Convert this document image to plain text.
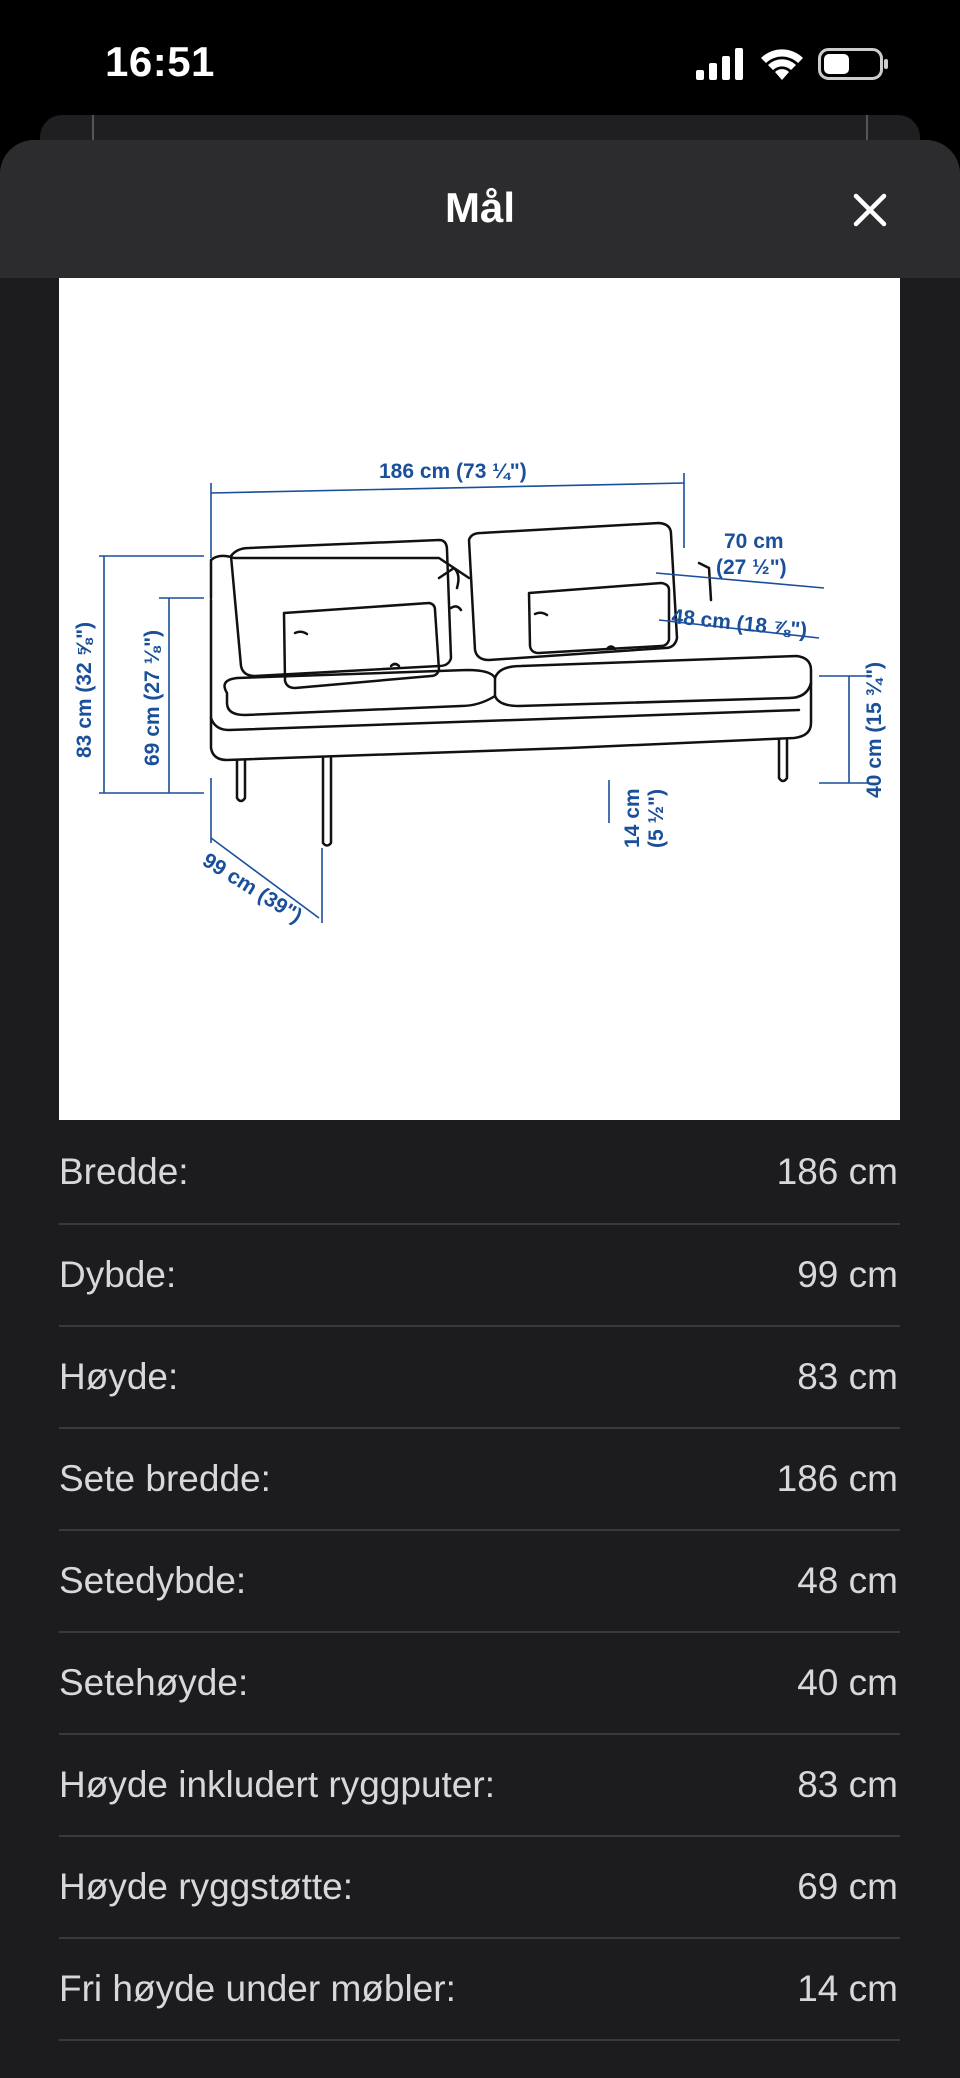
16:51
Mål
186 cm (73 ¼")
70 cm
(27 ½")
48 cm (18 ⅞")
83 cm (32 ⅝") 69 cm (27 ⅛")	40 cm (15 ¾")
14 cm (5 ½")
99 cm (39")
Bredde:	186 cm
Dybde:	99 cm
Høyde:	83 cm
Sete bredde:	186 cm
Setedybde:	48 cm
Setehøyde:	40 cm
Høyde inkludert ryggputer:	83 cm
Høyde ryggstøtte:	69 cm
Fri høyde under møbler:	14 cm
